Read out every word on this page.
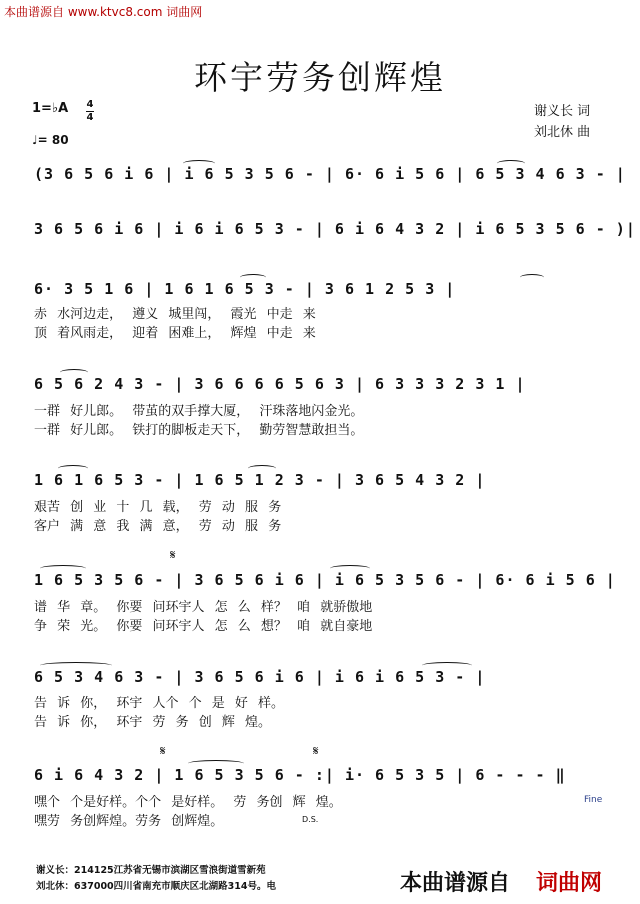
本曲谱源自 www.ktvc8.com 词曲网
环宇劳务创辉煌
1=♭A 4
4
♩= 80
谢义长 词
刘北休 曲
(3 6 5 6 i 6 | i 6 5 3 5 6 - | 6· 6 i 5 6 | 6 5 3 4 6 3 - |
3 6 5 6 i 6 | i 6 i 6 5 3 - | 6 i 6 4 3 2 | i 6 5 3 5 6 - )|
6· 3 5 1 6 | 1 6 1 6 5 3 - | 3 6 1 2 5 3 |
赤 水河边走， 遵义 城里闯， 霞光 中走 来
顶 着风雨走， 迎着 困难上， 辉煌 中走 来
6 5 6 2 4 3 - | 3 6 6 6 6 5 6 3 | 6 3 3 3 2 3 1 |
一群 好儿郎。 带茧的双手撑大厦， 汗珠落地闪金光。
一群 好儿郎。 铁打的脚板走天下， 勤劳智慧敢担当。
1 6 1 6 5 3 - | 1 6 5 1 2 3 - | 3 6 5 4 3 2 |
艰苦 创 业 十 几 载， 劳 动 服 务
客户 满 意 我 满 意， 劳 动 服 务
𝄋
1 6 5 3 5 6 - | 3 6 5 6 i 6 | i 6 5 3 5 6 - | 6· 6 i 5 6 |
谱 华 章。 你要 问环宇人 怎 么 样？ 咱 就骄傲地
争 荣 光。 你要 问环宇人 怎 么 想？ 咱 就自豪地
6 5 3 4 6 3 - | 3 6 5 6 i 6 | i 6 i 6 5 3 - |
告 诉 你， 环宇 人个 个 是 好 样。
告 诉 你， 环宇 劳 务 创 辉 煌。
𝄋	𝄋
6 i 6 4 3 2 | 1 6 5 3 5 6 - :| i· 6 5 3 5 | 6 - - - ‖
嘿个 个是好样。个个 是好样。 劳 务创 辉 煌。
嘿劳 务创辉煌。劳务 创辉煌。
Fine
D.S.
谢义长：214125江苏省无锡市滨湖区雪浪街道雪新苑
刘北休：637000四川省南充市顺庆区北湖路314号。电	本曲谱源自 词曲网
